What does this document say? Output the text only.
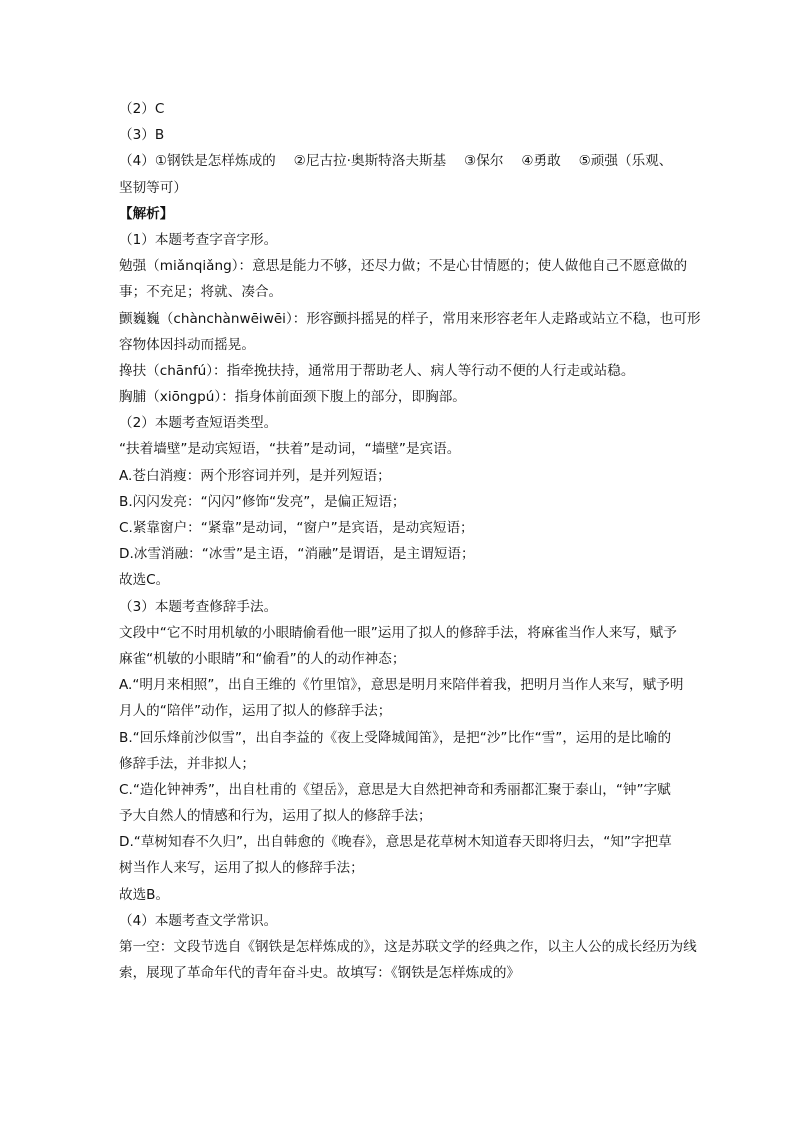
（2）C
（3）B
（4）①钢铁是怎样炼成的　 ②尼古拉·奥斯特洛夫斯基　 ③保尔　 ④勇敢　 ⑤顽强（乐观、
坚韧等可）
【解析】
（1）本题考查字音字形。
勉强（miǎnqiǎng）：意思是能力不够，还尽力做；不是心甘情愿的；使人做他自己不愿意做的
事；不充足；将就、凑合。
颤巍巍（chànchànwēiwēi）：形容颤抖摇晃的样子，常用来形容老年人走路或站立不稳，也可形
容物体因抖动而摇晃。
搀扶（chānfú）：指牵挽扶持，通常用于帮助老人、病人等行动不便的人行走或站稳。
胸脯（xiōngpú）：指身体前面颈下腹上的部分，即胸部。
（2）本题考查短语类型。
“扶着墙壁”是动宾短语，“扶着”是动词，“墙壁”是宾语。
A.苍白消瘦：两个形容词并列，是并列短语；
B.闪闪发亮：“闪闪”修饰“发亮”，是偏正短语；
C.紧靠窗户：“紧靠”是动词，“窗户”是宾语，是动宾短语；
D.冰雪消融：“冰雪”是主语，“消融”是谓语，是主谓短语；
故选C。
（3）本题考查修辞手法。
文段中“它不时用机敏的小眼睛偷看他一眼”运用了拟人的修辞手法，将麻雀当作人来写，赋予
麻雀“机敏的小眼睛”和“偷看”的人的动作神态；
A.“明月来相照”，出自王维的《竹里馆》，意思是明月来陪伴着我，把明月当作人来写，赋予明
月人的“陪伴”动作，运用了拟人的修辞手法；
B.“回乐烽前沙似雪”，出自李益的《夜上受降城闻笛》，是把“沙”比作“雪”，运用的是比喻的
修辞手法，并非拟人；
C.“造化钟神秀”，出自杜甫的《望岳》，意思是大自然把神奇和秀丽都汇聚于泰山，“钟”字赋
予大自然人的情感和行为，运用了拟人的修辞手法；
D.“草树知春不久归”，出自韩愈的《晚春》，意思是花草树木知道春天即将归去，“知”字把草
树当作人来写，运用了拟人的修辞手法；
故选B。
（4）本题考查文学常识。
第一空：文段节选自《钢铁是怎样炼成的》，这是苏联文学的经典之作，以主人公的成长经历为线
索，展现了革命年代的青年奋斗史。故填写：《钢铁是怎样炼成的》
